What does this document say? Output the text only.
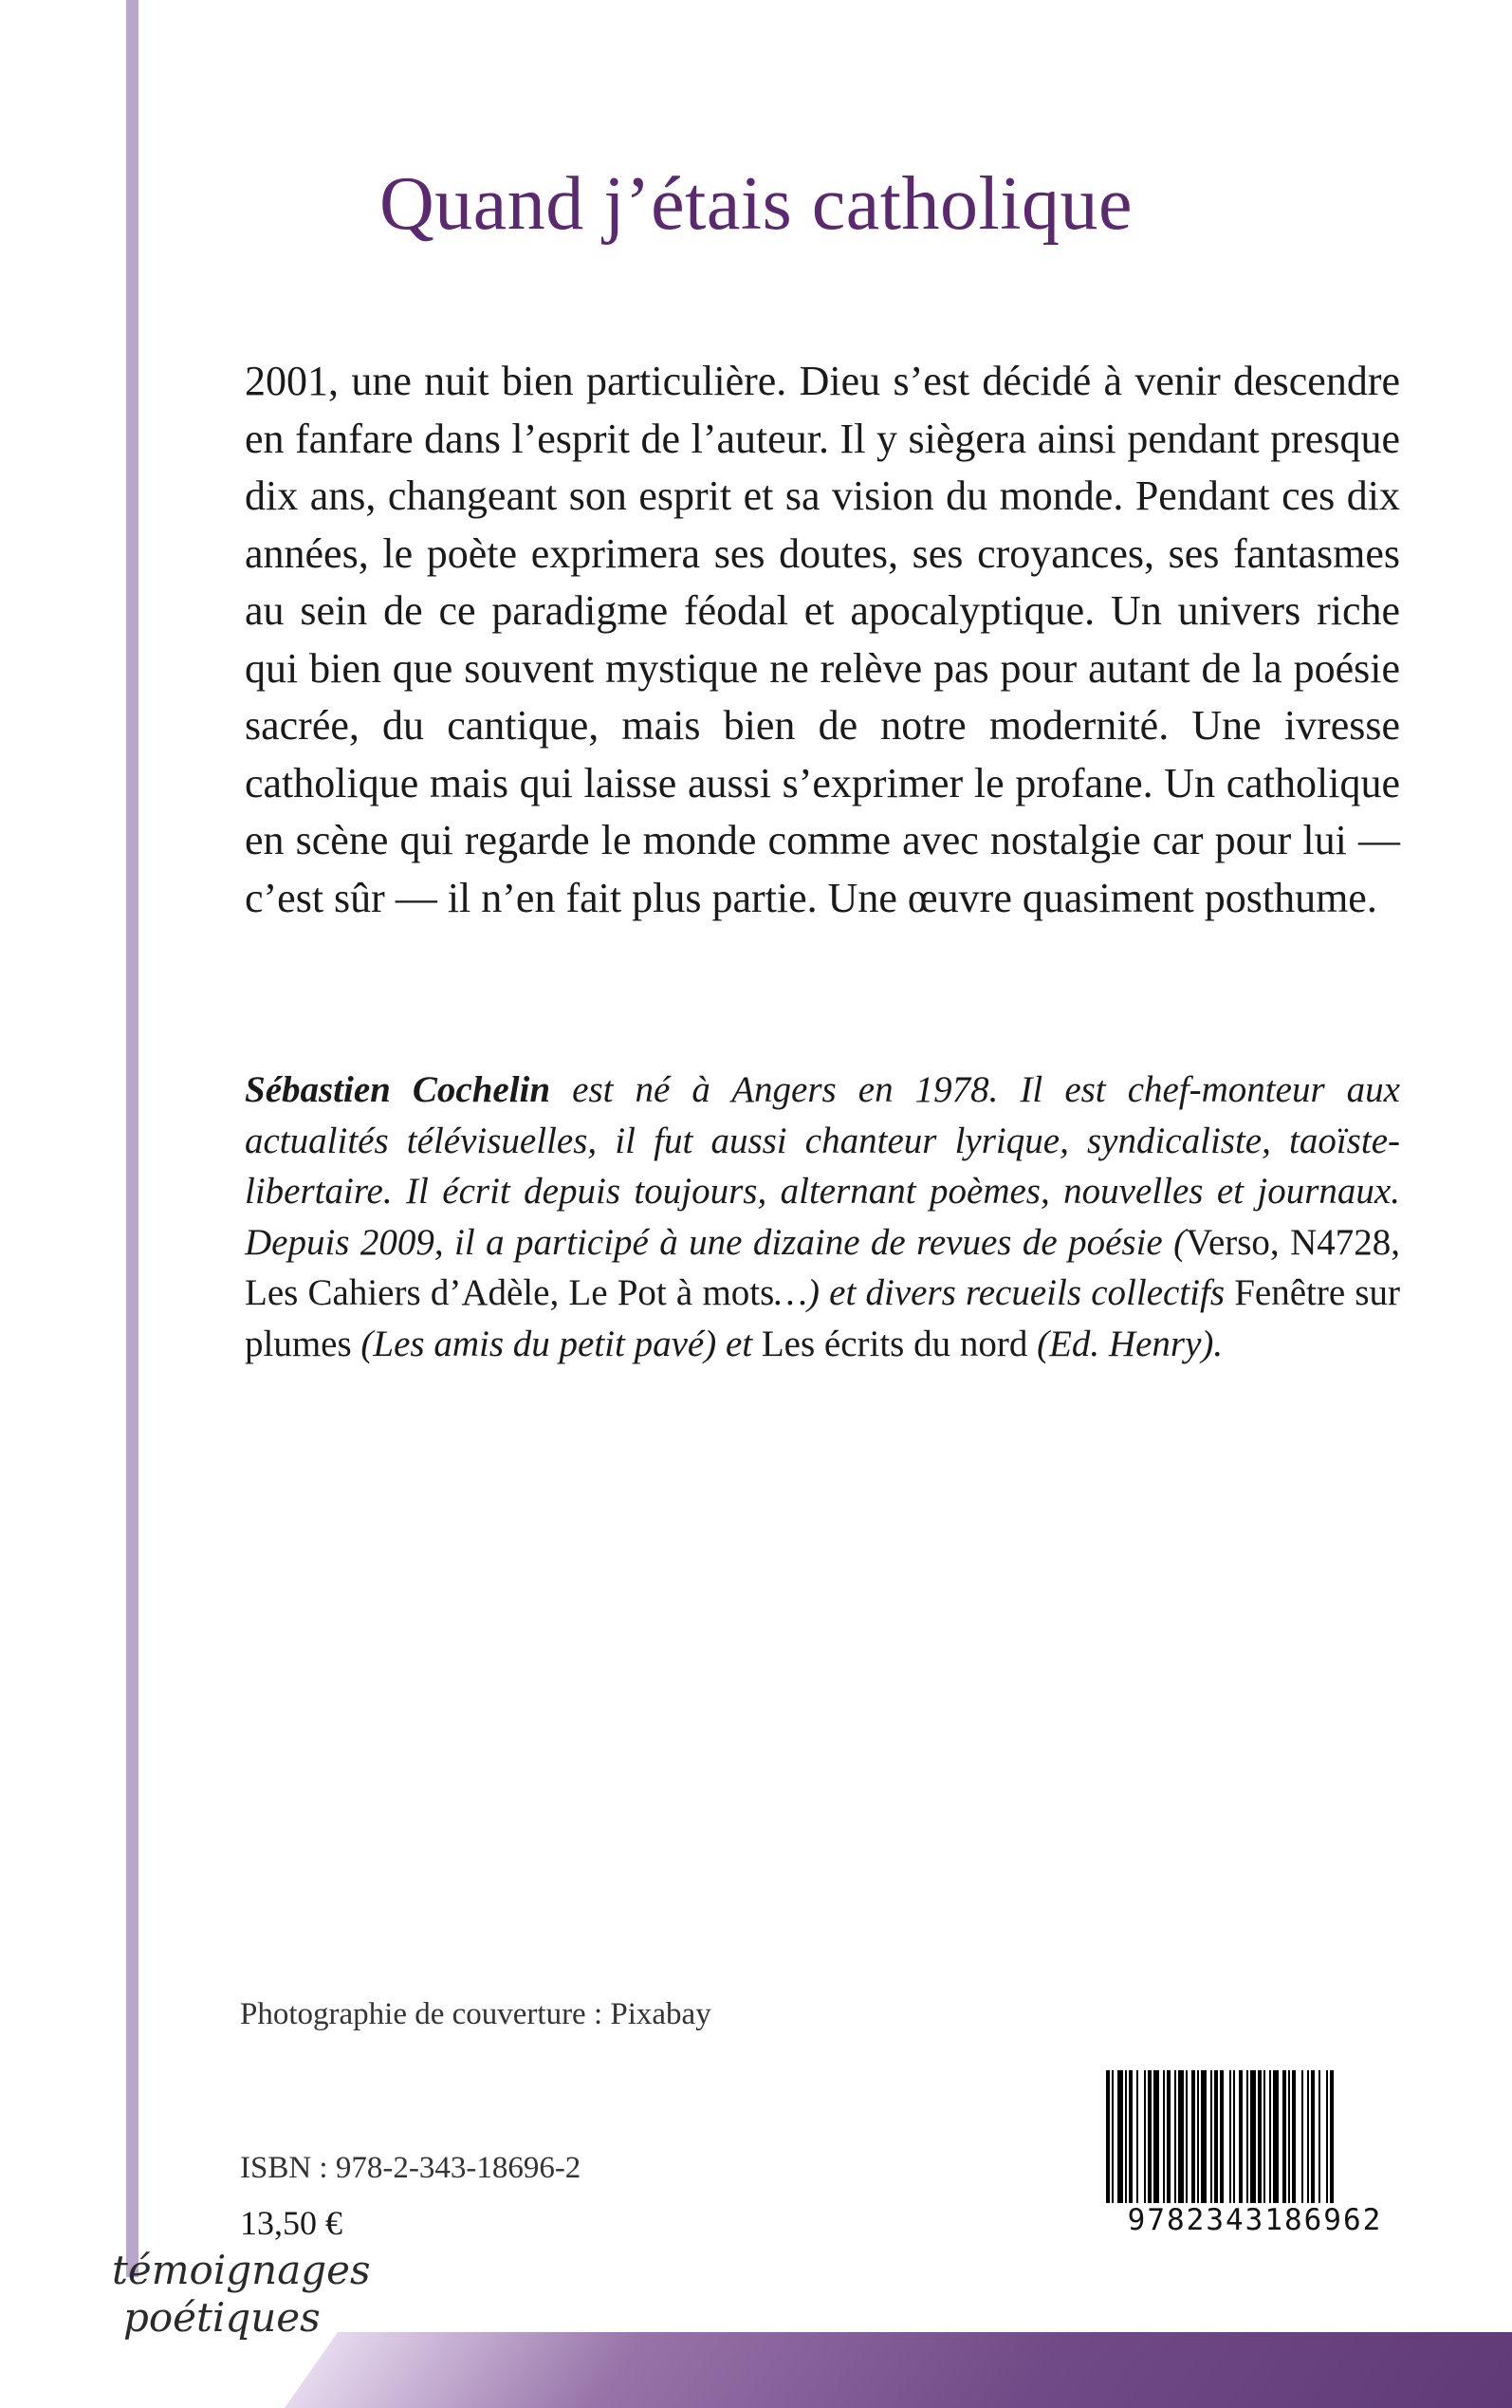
Quand j’étais catholique

2001, une nuit bien particulière. Dieu s’est décidé à venir descendre en fanfare dans l’esprit de l’auteur. Il y siègera ainsi pendant presque dix ans, changeant son esprit et sa vision du monde. Pendant ces dix années, le poète exprimera ses doutes, ses croyances, ses fantasmes au sein de ce paradigme féodal et apocalyptique. Un univers riche qui bien que souvent mystique ne relève pas pour autant de la poésie sacrée, du cantique, mais bien de notre modernité. Une ivresse catholique mais qui laisse aussi s’exprimer le profane. Un catholique en scène qui regarde le monde comme avec nostalgie car pour lui — c’est sûr — il n’en fait plus partie. Une œuvre quasiment posthume.

Sébastien Cochelin est né à Angers en 1978. Il est chef-monteur aux actualités télévisuelles, il fut aussi chanteur lyrique, syndicaliste, taoïste-libertaire. Il écrit depuis toujours, alternant poèmes, nouvelles et journaux. Depuis 2009, il a participé à une dizaine de revues de poésie (Verso, N4728, Les Cahiers d’Adèle, Le Pot à mots…) et divers recueils collectifs Fenêtre sur plumes (Les amis du petit pavé) et Les écrits du nord (Ed. Henry).

Photographie de couverture : Pixabay
9782343186962
ISBN : 978-2-343-18696-2
13,50 €
témoignages
poétiques
